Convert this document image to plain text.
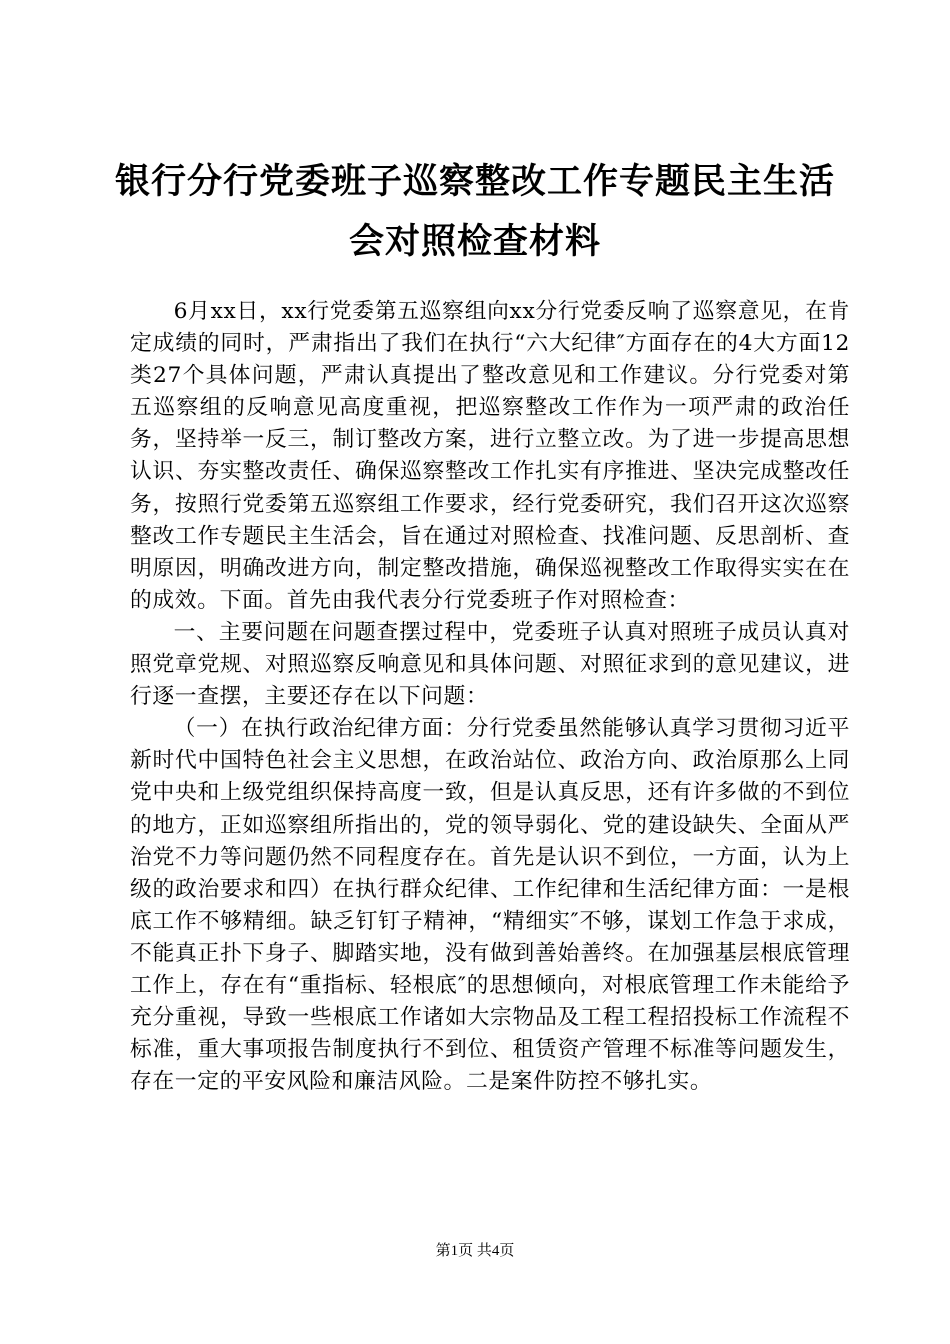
银行分行党委班子巡察整改工作专题民主生活
会对照检查材料

6月xx日，xx行党委第五巡察组向xx分行党委反响了巡察意见，在肯定成绩的同时，严肃指出了我们在执行“六大纪律″方面存在的4大方面12类27个具体问题，严肃认真提出了整改意见和工作建议。分行党委对第五巡察组的反响意见高度重视，把巡察整改工作作为一项严肃的政治任务，坚持举一反三，制订整改方案，进行立整立改。为了进一步提高思想认识、夯实整改责任、确保巡察整改工作扎实有序推进、坚决完成整改任务，按照行党委第五巡察组工作要求，经行党委研究，我们召开这次巡察整改工作专题民主生活会，旨在通过对照检查、找准问题、反思剖析、查明原因，明确改进方向，制定整改措施，确保巡视整改工作取得实实在在的成效。下面。首先由我代表分行党委班子作对照检查：

一、主要问题在问题查摆过程中，党委班子认真对照班子成员认真对照党章党规、对照巡察反响意见和具体问题、对照征求到的意见建议，进行逐一查摆，主要还存在以下问题：

（一）在执行政治纪律方面：分行党委虽然能够认真学习贯彻习近平新时代中国特色社会主义思想，在政治站位、政治方向、政治原那么上同党中央和上级党组织保持高度一致，但是认真反思，还有许多做的不到位的地方，正如巡察组所指出的，党的领导弱化、党的建设缺失、全面从严治党不力等问题仍然不同程度存在。首先是认识不到位，一方面，认为上级的政治要求和四）在执行群众纪律、工作纪律和生活纪律方面：一是根底工作不够精细。缺乏钉钉子精神，“精细实″不够，谋划工作急于求成，不能真正扑下身子、脚踏实地，没有做到善始善终。在加强基层根底管理工作上，存在有“重指标、轻根底″的思想倾向，对根底管理工作未能给予充分重视，导致一些根底工作诸如大宗物品及工程工程招投标工作流程不标准，重大事项报告制度执行不到位、租赁资产管理不标准等问题发生，存在一定的平安风险和廉洁风险。二是案件防控不够扎实。

第1页 共4页
